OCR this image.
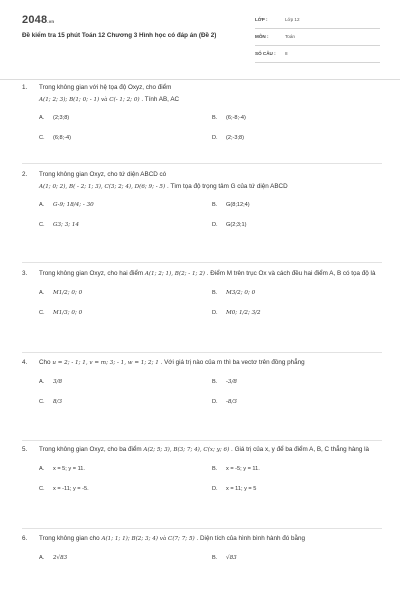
2048.vn
Đề kiểm tra 15 phút Toán 12 Chương 3 Hình học có đáp án (Đề 2)
LỚP :	Lớp 12
MÔN :	Toán
SỐ CÂU : 8
1. Trong không gian với hệ tọa độ Oxyz, cho điểm
A(1; 2; 3); B(1; 0; - 1) và C(- 1; 2; 0) . Tính AB, AC
A. (2;3;8)	B. (6;-8;-4)
C. (6;8;-4)	D. (2;-3;8)
2. Trong không gian Oxyz, cho tứ diện ABCD có
A(1; 0; 2), B( - 2; 1; 3), C(3; 2; 4), D(6; 9; - 5) . Tìm tọa độ trọng tâm G của tứ diện ABCD
A. G-9; 18/4; - 30	B. G(8;12;4)
C. G3; 3; 14	D. G(2;3;1)
3. Trong không gian Oxyz, cho hai điểm A(1; 2; 1), B(2; - 1; 2) . Điểm M trên trục Ox và cách đều hai điểm A, B có tọa độ là
A. M1/2; 0; 0	B. M3/2; 0; 0
C. M1/3; 0; 0	D. M0; 1/2; 3/2
4. Cho u = 2; - 1; 1, v = m; 3; - 1, w = 1; 2; 1 . Với giá trị nào của m thì ba vectơ trên đồng phẳng
A. 3/8	B. -3/8
C. 8/3	D. -8/3
5. Trong không gian Oxyz, cho ba điểm A(2; 5; 3), B(3; 7; 4), C(x; y; 6) . Giá trị của x, y để ba điểm A, B, C thẳng hàng là
A. x = 5; y = 11.	B. x = -5; y = 11.
C. x = -11; y = -5.	D. x = 11; y = 5
6. Trong không gian cho A(1; 1; 1); B(2; 3; 4) và C(7; 7; 5) . Diện tích của hình bình hành đó bằng
A. 2√83	B. √83
